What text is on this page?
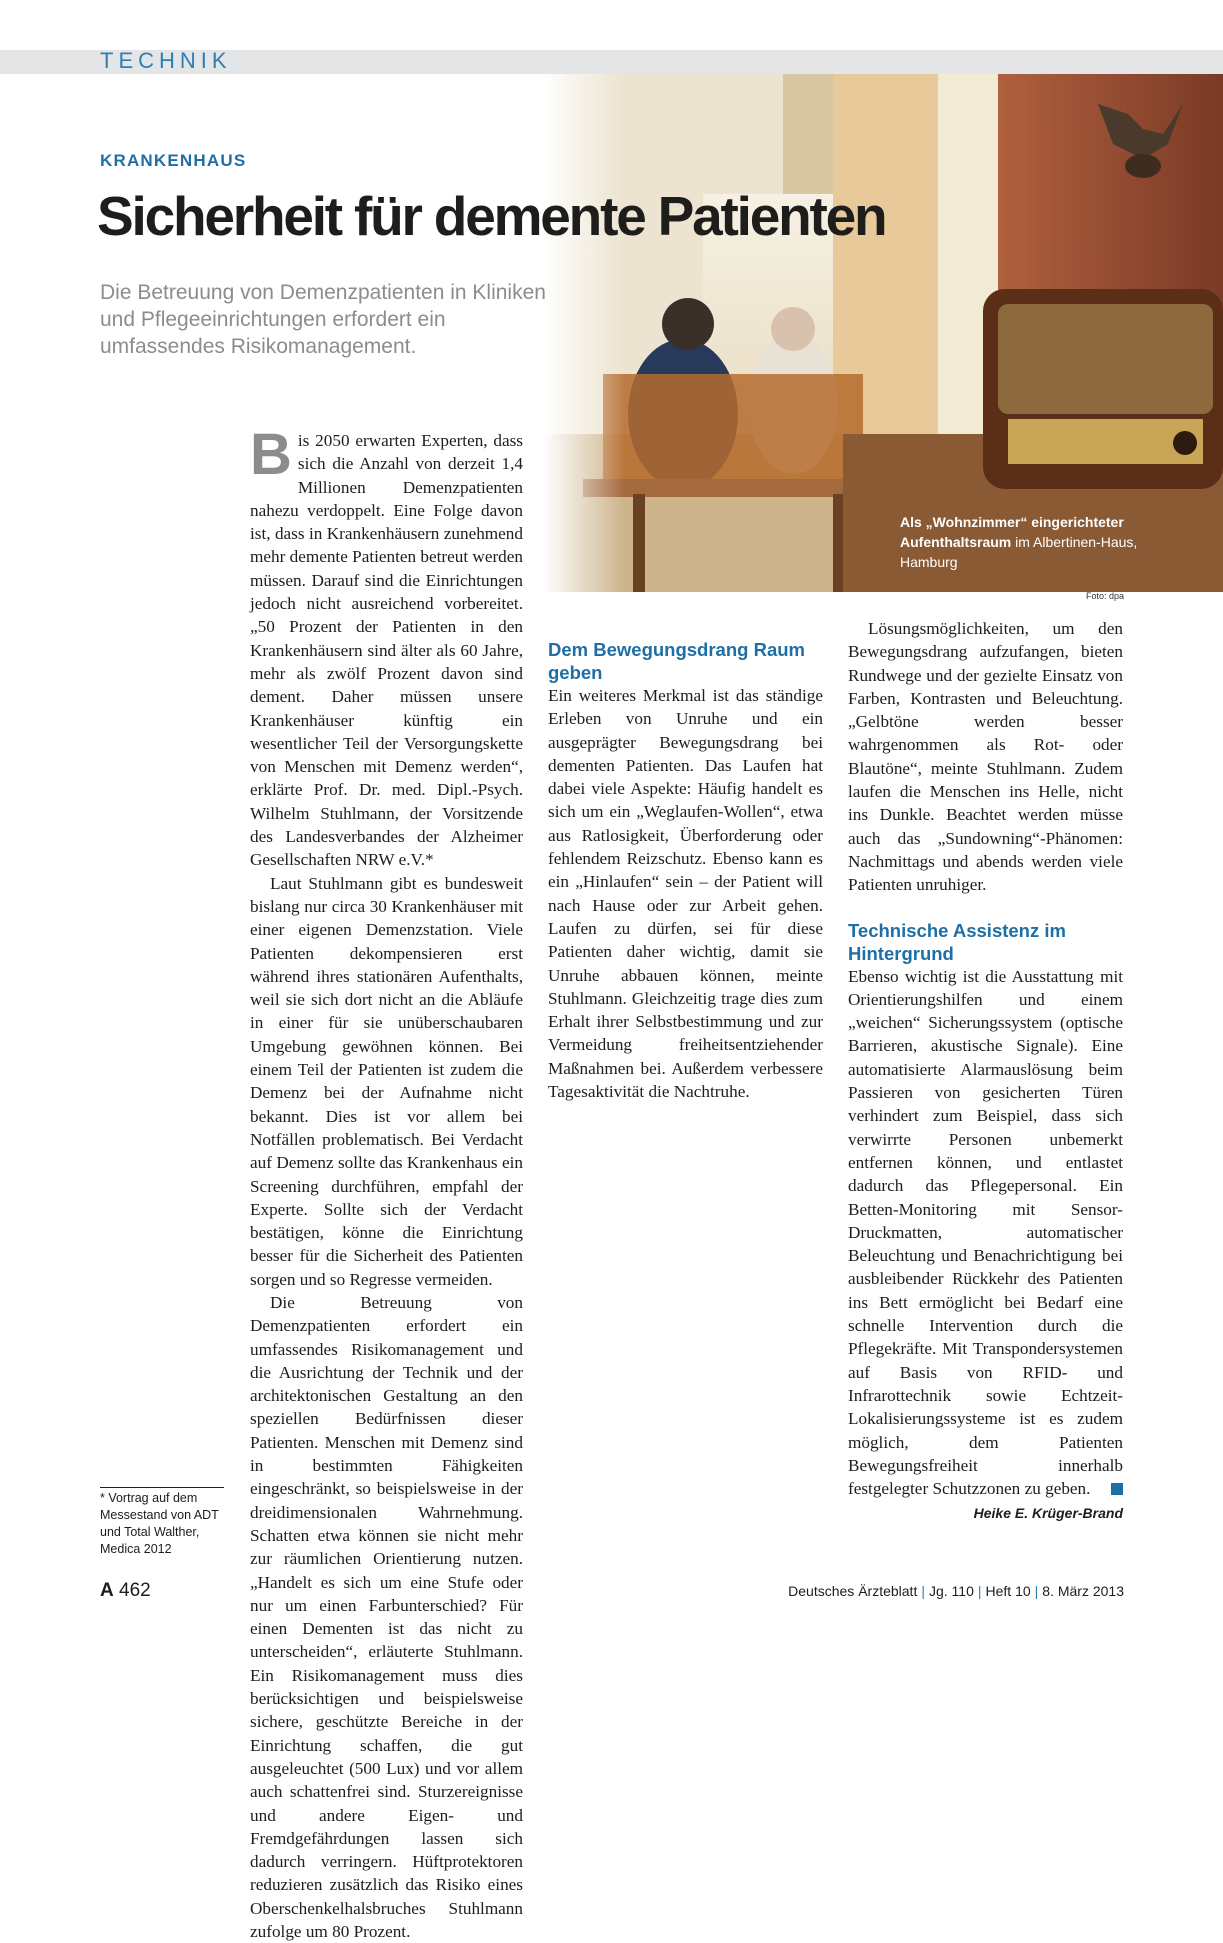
TECHNIK
KRANKENHAUS
Sicherheit für demente Patienten
Die Betreuung von Demenzpatienten in Kliniken und Pflegeeinrichtungen erfordert ein umfassendes Risikomanagement.
Als „Wohnzimmer“ eingerichteter Aufenthaltsraum im Albertinen-Haus, Hamburg
Foto: dpa

Bis 2050 erwarten Experten, dass sich die Anzahl von derzeit 1,4 Millionen Demenzpatienten nahezu verdoppelt. Eine Folge davon ist, dass in Krankenhäusern zunehmend mehr demente Patienten betreut werden müssen. Darauf sind die Einrichtungen jedoch nicht ausreichend vorbereitet. „50 Prozent der Patienten in den Krankenhäusern sind älter als 60 Jahre, mehr als zwölf Prozent davon sind dement. Daher müssen unsere Krankenhäuser künftig ein wesentlicher Teil der Versorgungskette von Menschen mit Demenz werden“, erklärte Prof. Dr. med. Dipl.-Psych. Wilhelm Stuhlmann, der Vorsitzende des Landesverbandes der Alzheimer Gesellschaften NRW e.V.*

Laut Stuhlmann gibt es bundesweit bislang nur circa 30 Krankenhäuser mit einer eigenen Demenzstation. Viele Patienten dekompensieren erst während ihres stationären Aufenthalts, weil sie sich dort nicht an die Abläufe in einer für sie unüberschaubaren Umgebung gewöhnen können. Bei einem Teil der Patienten ist zudem die Demenz bei der Aufnahme nicht bekannt. Dies ist vor allem bei Notfällen problematisch. Bei Verdacht auf Demenz sollte das Krankenhaus ein Screening durchführen, empfahl der Experte. Sollte sich der Verdacht bestätigen, könne die Einrichtung besser für die Sicherheit des Patienten sorgen und so Regresse vermeiden.

Die Betreuung von Demenzpatienten erfordert ein umfassendes Risikomanagement und die Ausrichtung der Technik und der architektonischen Gestaltung an den speziellen Bedürfnissen dieser Patienten. Menschen mit Demenz sind in bestimmten Fähigkeiten eingeschränkt, so beispielsweise in der dreidimensionalen Wahrnehmung. Schatten etwa können sie nicht mehr zur räumlichen Orientierung nutzen. „Handelt es sich um eine Stufe oder nur um einen Farbunterschied? Für einen Dementen ist das nicht zu unterscheiden“, erläuterte Stuhlmann. Ein Risikomanagement muss dies berücksichtigen und beispielsweise sichere, geschützte Bereiche in der Einrichtung schaffen, die gut ausgeleuchtet (500 Lux) und vor allem auch schattenfrei sind. Sturzereignisse und andere Eigen- und Fremdgefährdungen lassen sich dadurch verringern. Hüftprotektoren reduzieren zusätzlich das Risiko eines Oberschenkelhalsbruches Stuhlmann zufolge um 80 Prozent.

Dem Bewegungsdrang Raum geben

Ein weiteres Merkmal ist das ständige Erleben von Unruhe und ein ausgeprägter Bewegungsdrang bei dementen Patienten. Das Laufen hat dabei viele Aspekte: Häufig handelt es sich um ein „Weglaufen-Wollen“, etwa aus Ratlosigkeit, Überforderung oder fehlendem Reizschutz. Ebenso kann es ein „Hinlaufen“ sein – der Patient will nach Hause oder zur Arbeit gehen. Laufen zu dürfen, sei für diese Patienten daher wichtig, damit sie Unruhe abbauen können, meinte Stuhlmann. Gleichzeitig trage dies zum Erhalt ihrer Selbstbestimmung und zur Vermeidung freiheitsentziehender Maßnahmen bei. Außerdem verbessere Tagesaktivität die Nachtruhe.

Lösungsmöglichkeiten, um den Bewegungsdrang aufzufangen, bieten Rundwege und der gezielte Einsatz von Farben, Kontrasten und Beleuchtung. „Gelbtöne werden besser wahrgenommen als Rot- oder Blautöne“, meinte Stuhlmann. Zudem laufen die Menschen ins Helle, nicht ins Dunkle. Beachtet werden müsse auch das „Sundowning“-Phänomen: Nachmittags und abends werden viele Patienten unruhiger.

Technische Assistenz im Hintergrund

Ebenso wichtig ist die Ausstattung mit Orientierungshilfen und einem „weichen“ Sicherungssystem (optische Barrieren, akustische Signale). Eine automatisierte Alarmauslösung beim Passieren von gesicherten Türen verhindert zum Beispiel, dass sich verwirrte Personen unbemerkt entfernen können, und entlastet dadurch das Pflegepersonal. Ein Betten-Monitoring mit Sensor-Druckmatten, automatischer Beleuchtung und Benachrichtigung bei ausbleibender Rückkehr des Patienten ins Bett ermöglicht bei Bedarf eine schnelle Intervention durch die Pflegekräfte. Mit Transpondersystemen auf Basis von RFID- und Infrarottechnik sowie Echtzeit-Lokalisierungssysteme ist es zudem möglich, dem Patienten Bewegungsfreiheit innerhalb festgelegter Schutzzonen zu geben.

Heike E. Krüger-Brand
* Vortrag auf dem Messestand von ADT und Total Walther, Medica 2012
A 462	Deutsches Ärzteblatt | Jg. 110 | Heft 10 | 8. März 2013
